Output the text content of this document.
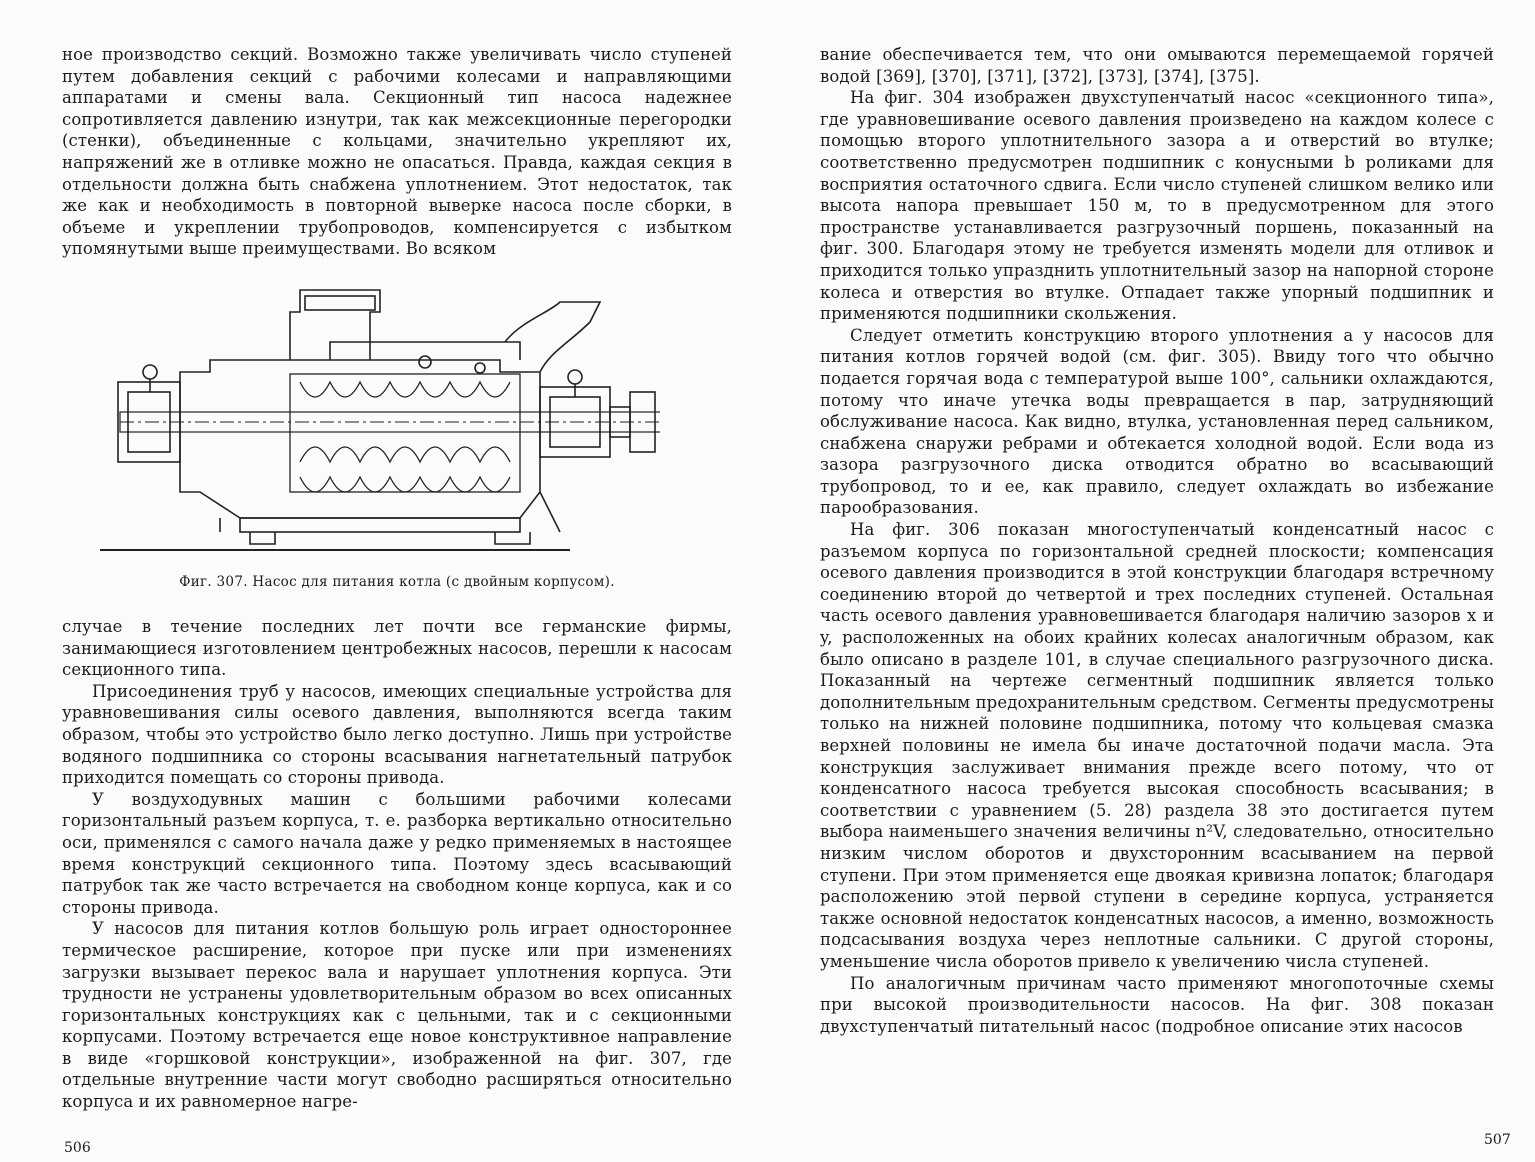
ное производство секций. Возможно также увеличивать число ступеней путем добавления секций с рабочими колесами и направляющими аппаратами и смены вала. Секционный тип насоса надежнее сопротивляется давлению изнутри, так как межсекционные перегородки (стенки), объединенные с кольцами, значительно укрепляют их, напряжений же в отливке можно не опасаться. Правда, каждая секция в отдельности должна быть снабжена уплотнением. Этот недостаток, так же как и необходимость в повторной выверке насоса после сборки, в объеме и укреплении трубопроводов, компенсируется с избытком упомянутыми выше преимуществами. Во всяком

Фиг. 307. Насос для питания котла (с двойным корпусом).

случае в течение последних лет почти все германские фирмы, занимающиеся изготовлением центробежных насосов, перешли к насосам секционного типа.

Присоединения труб у насосов, имеющих специальные устройства для уравновешивания силы осевого давления, выполняются всегда таким образом, чтобы это устройство было легко доступно. Лишь при устройстве водяного подшипника со стороны всасывания нагнетательный патрубок приходится помещать со стороны привода.

У воздуходувных машин с большими рабочими колесами горизонтальный разъем корпуса, т. е. разборка вертикально относительно оси, применялся с самого начала даже у редко применяемых в настоящее время конструкций секционного типа. Поэтому здесь всасывающий патрубок так же часто встречается на свободном конце корпуса, как и со стороны привода.

У насосов для питания котлов большую роль играет одностороннее термическое расширение, которое при пуске или при изменениях загрузки вызывает перекос вала и нарушает уплотнения корпуса. Эти трудности не устранены удовлетворительным образом во всех описанных горизонтальных конструкциях как с цельными, так и с секционными корпусами. Поэтому встречается еще новое конструктивное направление в виде «горшковой конструкции», изображенной на фиг. 307, где отдельные внутренние части могут свободно расширяться относительно корпуса и их равномерное нагре-

506

вание обеспечивается тем, что они омываются перемещаемой горячей водой [369], [370], [371], [372], [373], [374], [375].

На фиг. 304 изображен двухступенчатый насос «секционного типа», где уравновешивание осевого давления произведено на каждом колесе с помощью второго уплотнительного зазора a и отверстий во втулке; соответственно предусмотрен подшипник с конусными b роликами для восприятия остаточного сдвига. Если число ступеней слишком велико или высота напора превышает 150 м, то в предусмотренном для этого пространстве устанавливается разгрузочный поршень, показанный на фиг. 300. Благодаря этому не требуется изменять модели для отливок и приходится только упразднить уплотнительный зазор на напорной стороне колеса и отверстия во втулке. Отпадает также упорный подшипник и применяются подшипники скольжения.

Следует отметить конструкцию второго уплотнения a у насосов для питания котлов горячей водой (см. фиг. 305). Ввиду того что обычно подается горячая вода с температурой выше 100°, сальники охлаждаются, потому что иначе утечка воды превращается в пар, затрудняющий обслуживание насоса. Как видно, втулка, установленная перед сальником, снабжена снаружи ребрами и обтекается холодной водой. Если вода из зазора разгрузочного диска отводится обратно во всасывающий трубопровод, то и ее, как правило, следует охлаждать во избежание парообразования.

На фиг. 306 показан многоступенчатый конденсатный насос с разъемом корпуса по горизонтальной средней плоскости; компенсация осевого давления производится в этой конструкции благодаря встречному соединению второй до четвертой и трех последних ступеней. Остальная часть осевого давления уравновешивается благодаря наличию зазоров x и y, расположенных на обоих крайних колесах аналогичным образом, как было описано в разделе 101, в случае специального разгрузочного диска. Показанный на чертеже сегментный подшипник является только дополнительным предохранительным средством. Сегменты предусмотрены только на нижней половине подшипника, потому что кольцевая смазка верхней половины не имела бы иначе достаточной подачи масла. Эта конструкция заслуживает внимания прежде всего потому, что от конденсатного насоса требуется высокая способность всасывания; в соответствии с уравнением (5. 28) раздела 38 это достигается путем выбора наименьшего значения величины n²V, следовательно, относительно низким числом оборотов и двухсторонним всасыванием на первой ступени. При этом применяется еще двоякая кривизна лопаток; благодаря расположению этой первой ступени в середине корпуса, устраняется также основной недостаток конденсатных насосов, а именно, возможность подсасывания воздуха через неплотные сальники. С другой стороны, уменьшение числа оборотов привело к увеличению числа ступеней.

По аналогичным причинам часто применяют многопоточные схемы при высокой производительности насосов. На фиг. 308 показан двухступенчатый питательный насос (подробное описание этих насосов

507
